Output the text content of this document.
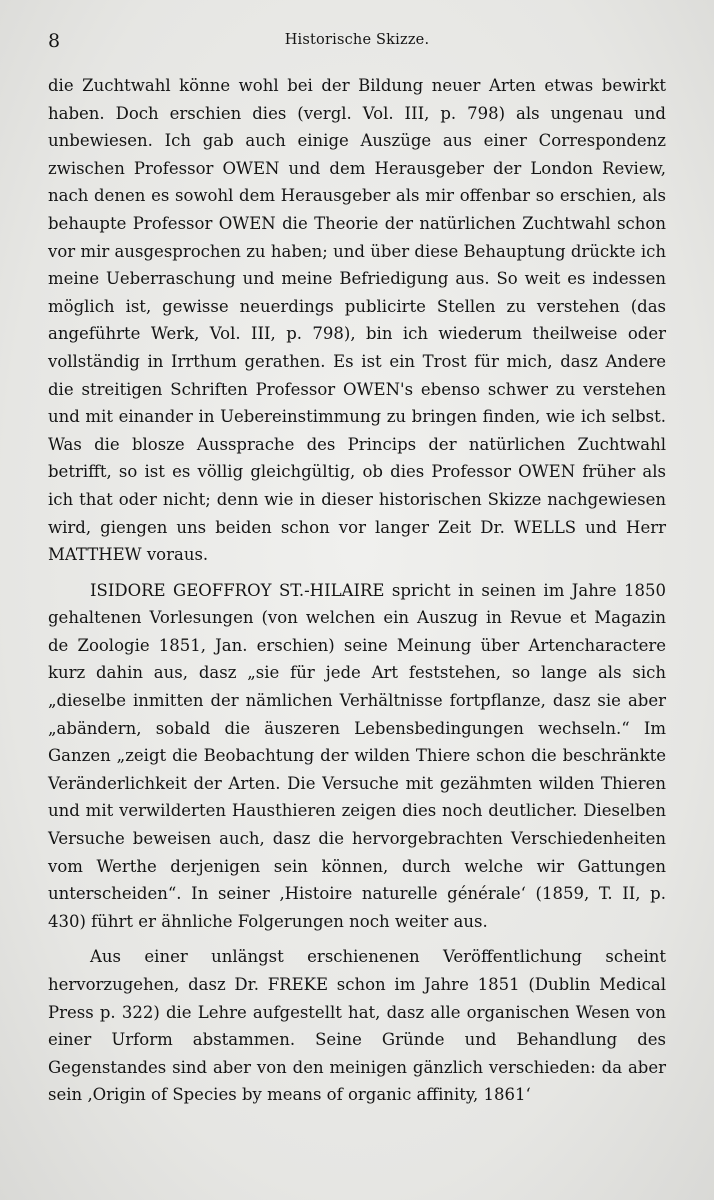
8	Historische Skizze.

die Zuchtwahl könne wohl bei der Bildung neuer Arten etwas bewirkt haben. Doch erschien dies (vergl. Vol. III, p. 798) als ungenau und unbewiesen. Ich gab auch einige Auszüge aus einer Correspondenz zwischen Professor OWEN und dem Herausgeber der London Review, nach denen es sowohl dem Herausgeber als mir offenbar so erschien, als behaupte Professor OWEN die Theorie der natürlichen Zuchtwahl schon vor mir ausgesprochen zu haben; und über diese Behauptung drückte ich meine Ueberraschung und meine Befriedigung aus. So weit es indessen möglich ist, gewisse neuerdings publicirte Stellen zu verstehen (das angeführte Werk, Vol. III, p. 798), bin ich wiederum theilweise oder vollständig in Irrthum gerathen. Es ist ein Trost für mich, dasz Andere die streitigen Schriften Professor OWEN's ebenso schwer zu verstehen und mit einander in Uebereinstimmung zu bringen finden, wie ich selbst. Was die blosze Aussprache des Princips der natürlichen Zuchtwahl betrifft, so ist es völlig gleichgültig, ob dies Professor OWEN früher als ich that oder nicht; denn wie in dieser historischen Skizze nachgewiesen wird, giengen uns beiden schon vor langer Zeit Dr. WELLS und Herr MATTHEW voraus.

ISIDORE GEOFFROY ST.-HILAIRE spricht in seinen im Jahre 1850 gehaltenen Vorlesungen (von welchen ein Auszug in Revue et Magazin de Zoologie 1851, Jan. erschien) seine Meinung über Artencharactere kurz dahin aus, dasz „sie für jede Art feststehen, so lange als sich „dieselbe inmitten der nämlichen Verhältnisse fortpflanze, dasz sie aber „abändern, sobald die äuszeren Lebensbedingungen wechseln.“ Im Ganzen „zeigt die Beobachtung der wilden Thiere schon die beschränkte Veränderlichkeit der Arten. Die Versuche mit gezähmten wilden Thieren und mit verwilderten Hausthieren zeigen dies noch deutlicher. Dieselben Versuche beweisen auch, dasz die hervorgebrachten Verschiedenheiten vom Werthe derjenigen sein können, durch welche wir Gattungen unterscheiden“. In seiner ‚Histoire naturelle générale‘ (1859, T. II, p. 430) führt er ähnliche Folgerungen noch weiter aus.

Aus einer unlängst erschienenen Veröffentlichung scheint hervorzugehen, dasz Dr. FREKE schon im Jahre 1851 (Dublin Medical Press p. 322) die Lehre aufgestellt hat, dasz alle organischen Wesen von einer Urform abstammen. Seine Gründe und Behandlung des Gegenstandes sind aber von den meinigen gänzlich verschieden: da aber sein ‚Origin of Species by means of organic affinity, 1861‘
